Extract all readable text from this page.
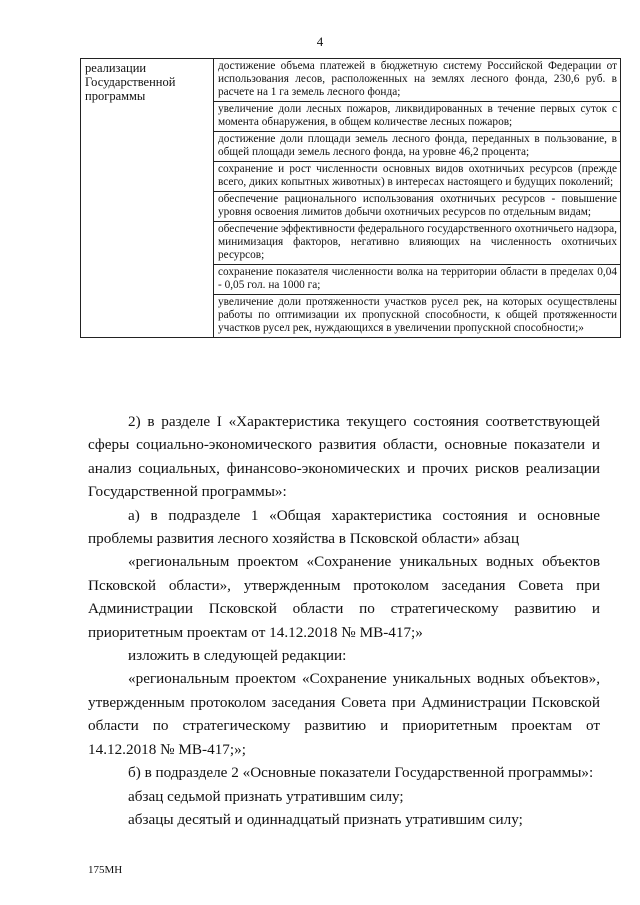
4
реализации
Государственной
программы

достижение объема платежей в бюджетную систему Российской Федерации от использования лесов, расположенных на землях лесного фонда, 230,6 руб. в расчете на 1 га земель лесного фонда;
увеличение доли лесных пожаров, ликвидированных в течение первых суток с момента обнаружения, в общем количестве лесных пожаров;
достижение доли площади земель лесного фонда, переданных в пользование, в общей площади земель лесного фонда, на уровне 46,2 процента;
сохранение и рост численности основных видов охотничьих ресурсов (прежде всего, диких копытных животных) в интересах настоящего и будущих поколений;
обеспечение рационального использования охотничьих ресурсов - повышение уровня освоения лимитов добычи охотничьих ресурсов по отдельным видам;
обеспечение эффективности федерального государственного охотничьего надзора, минимизация факторов, негативно влияющих на численность охотничьих ресурсов;
сохранение показателя численности волка на территории области в пределах 0,04 - 0,05 гол. на 1000 га;
увеличение доли протяженности участков русел рек, на которых осуществлены работы по оптимизации их пропускной способности, к общей протяженности участков русел рек, нуждающихся в увеличении пропускной способности;»

2) в разделе I «Характеристика текущего состояния соответствующей сферы социально-экономического развития области, основные показатели и анализ социальных, финансово-экономических и прочих рисков реализации Государственной программы»:

а) в подразделе 1 «Общая характеристика состояния и основные проблемы развития лесного хозяйства в Псковской области» абзац

«региональным проектом «Сохранение уникальных водных объектов Псковской области», утвержденным протоколом заседания Совета при Администрации Псковской области по стратегическому развитию и приоритетным проектам от 14.12.2018 № МВ-417;»

изложить в следующей редакции:

«региональным проектом «Сохранение уникальных водных объектов», утвержденным протоколом заседания Совета при Администрации Псковской области по стратегическому развитию и приоритетным проектам от 14.12.2018 № МВ-417;»;

б) в подразделе 2 «Основные показатели Государственной программы»:

абзац седьмой признать утратившим силу;

абзацы десятый и одиннадцатый признать утратившим силу;

175МН
